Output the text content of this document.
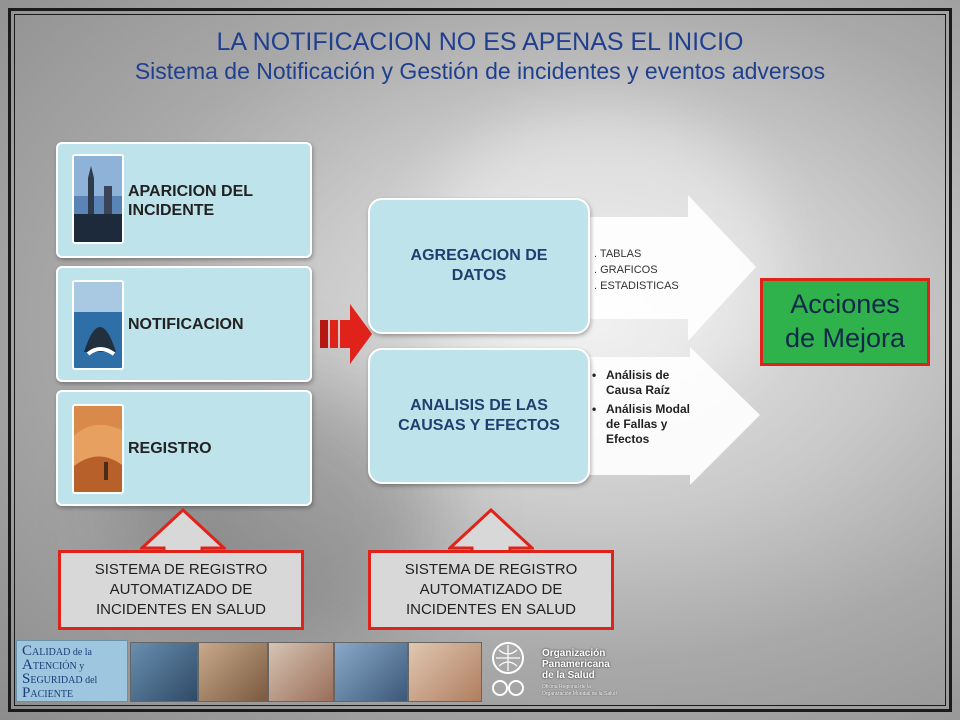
LA NOTIFICACION NO ES APENAS EL INICIO
Sistema de Notificación y Gestión de incidentes y eventos adversos
APARICION DEL INCIDENTE
NOTIFICACION
REGISTRO
AGREGACION DE DATOS
ANALISIS DE LAS CAUSAS Y EFECTOS
. TABLAS
. GRAFICOS
. ESTADISTICAS
• Análisis de Causa Raíz
• Análisis Modal de Fallas y Efectos
Acciones
de Mejora
SISTEMA DE REGISTRO
AUTOMATIZADO DE
INCIDENTES EN SALUD
SISTEMA DE REGISTRO
AUTOMATIZADO DE
INCIDENTES EN SALUD
CALIDAD de la
ATENCIÓN y
SEGURIDAD del
PACIENTE
Organización
Panamericana
de la Salud
Oficina Regional de la
Organización Mundial de la Salud
